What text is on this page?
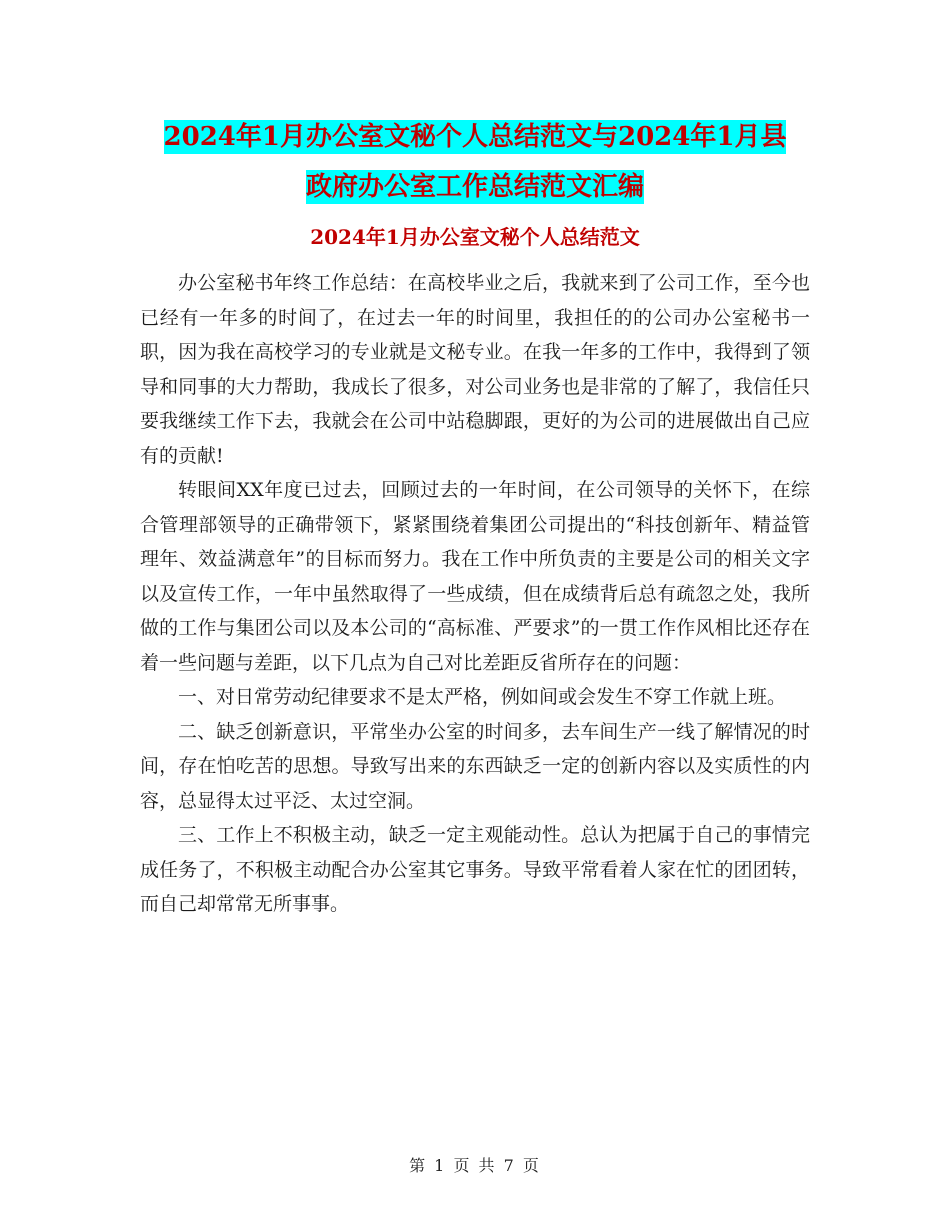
2024年1月办公室文秘个人总结范文与2024年1月县
政府办公室工作总结范文汇编
2024年1月办公室文秘个人总结范文

办公室秘书年终工作总结：在高校毕业之后，我就来到了公司工作，至今也已经有一年多的时间了，在过去一年的时间里，我担任的的公司办公室秘书一职，因为我在高校学习的专业就是文秘专业。在我一年多的工作中，我得到了领导和同事的大力帮助，我成长了很多，对公司业务也是非常的了解了，我信任只要我继续工作下去，我就会在公司中站稳脚跟，更好的为公司的进展做出自己应有的贡献!

转眼间XX年度已过去，回顾过去的一年时间，在公司领导的关怀下，在综合管理部领导的正确带领下，紧紧围绕着集团公司提出的“科技创新年、精益管理年、效益满意年”的目标而努力。我在工作中所负责的主要是公司的相关文字以及宣传工作，一年中虽然取得了一些成绩，但在成绩背后总有疏忽之处，我所做的工作与集团公司以及本公司的“高标准、严要求”的一贯工作作风相比还存在着一些问题与差距，以下几点为自己对比差距反省所存在的问题：

一、对日常劳动纪律要求不是太严格，例如间或会发生不穿工作就上班。

二、缺乏创新意识，平常坐办公室的时间多，去车间生产一线了解情况的时间，存在怕吃苦的思想。导致写出来的东西缺乏一定的创新内容以及实质性的内容，总显得太过平泛、太过空洞。

三、工作上不积极主动，缺乏一定主观能动性。总认为把属于自己的事情完成任务了，不积极主动配合办公室其它事务。导致平常看着人家在忙的团团转，而自己却常常无所事事。

第 1 页 共 7 页
